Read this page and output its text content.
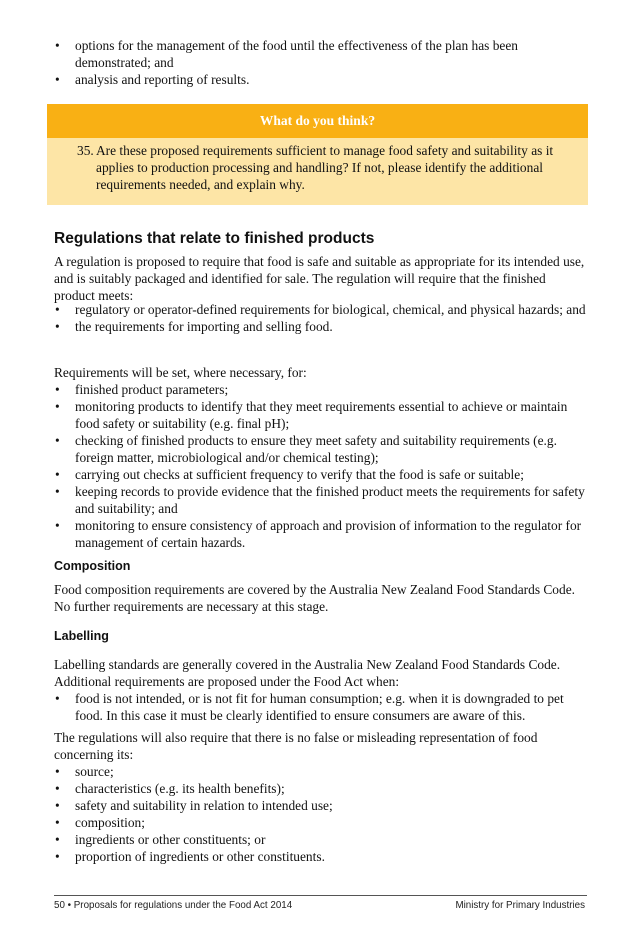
• options for the management of the food until the effectiveness of the plan has been demonstrated; and
• analysis and reporting of results.
What do you think?
35. Are these proposed requirements sufficient to manage food safety and suitability as it applies to production processing and handling? If not, please identify the additional requirements needed, and explain why.
Regulations that relate to finished products

A regulation is proposed to require that food is safe and suitable as appropriate for its intended use, and is suitably packaged and identified for sale. The regulation will require that the finished product meets:

• regulatory or operator-defined requirements for biological, chemical, and physical hazards; and
• the requirements for importing and selling food.

Requirements will be set, where necessary, for:

• finished product parameters;
• monitoring products to identify that they meet requirements essential to achieve or maintain food safety or suitability (e.g. final pH);
• checking of finished products to ensure they meet safety and suitability requirements (e.g. foreign matter, microbiological and/or chemical testing);
• carrying out checks at sufficient frequency to verify that the food is safe or suitable;
• keeping records to provide evidence that the finished product meets the requirements for safety and suitability; and
• monitoring to ensure consistency of approach and provision of information to the regulator for management of certain hazards.
Composition

Food composition requirements are covered by the Australia New Zealand Food Standards Code. No further requirements are necessary at this stage.

Labelling

Labelling standards are generally covered in the Australia New Zealand Food Standards Code. Additional requirements are proposed under the Food Act when:

• food is not intended, or is not fit for human consumption; e.g. when it is downgraded to pet food. In this case it must be clearly identified to ensure consumers are aware of this.

The regulations will also require that there is no false or misleading representation of food concerning its:

• source;
• characteristics (e.g. its health benefits);
• safety and suitability in relation to intended use;
• composition;
• ingredients or other constituents; or
• proportion of ingredients or other constituents.
50 • Proposals for regulations under the Food Act 2014	Ministry for Primary Industries
